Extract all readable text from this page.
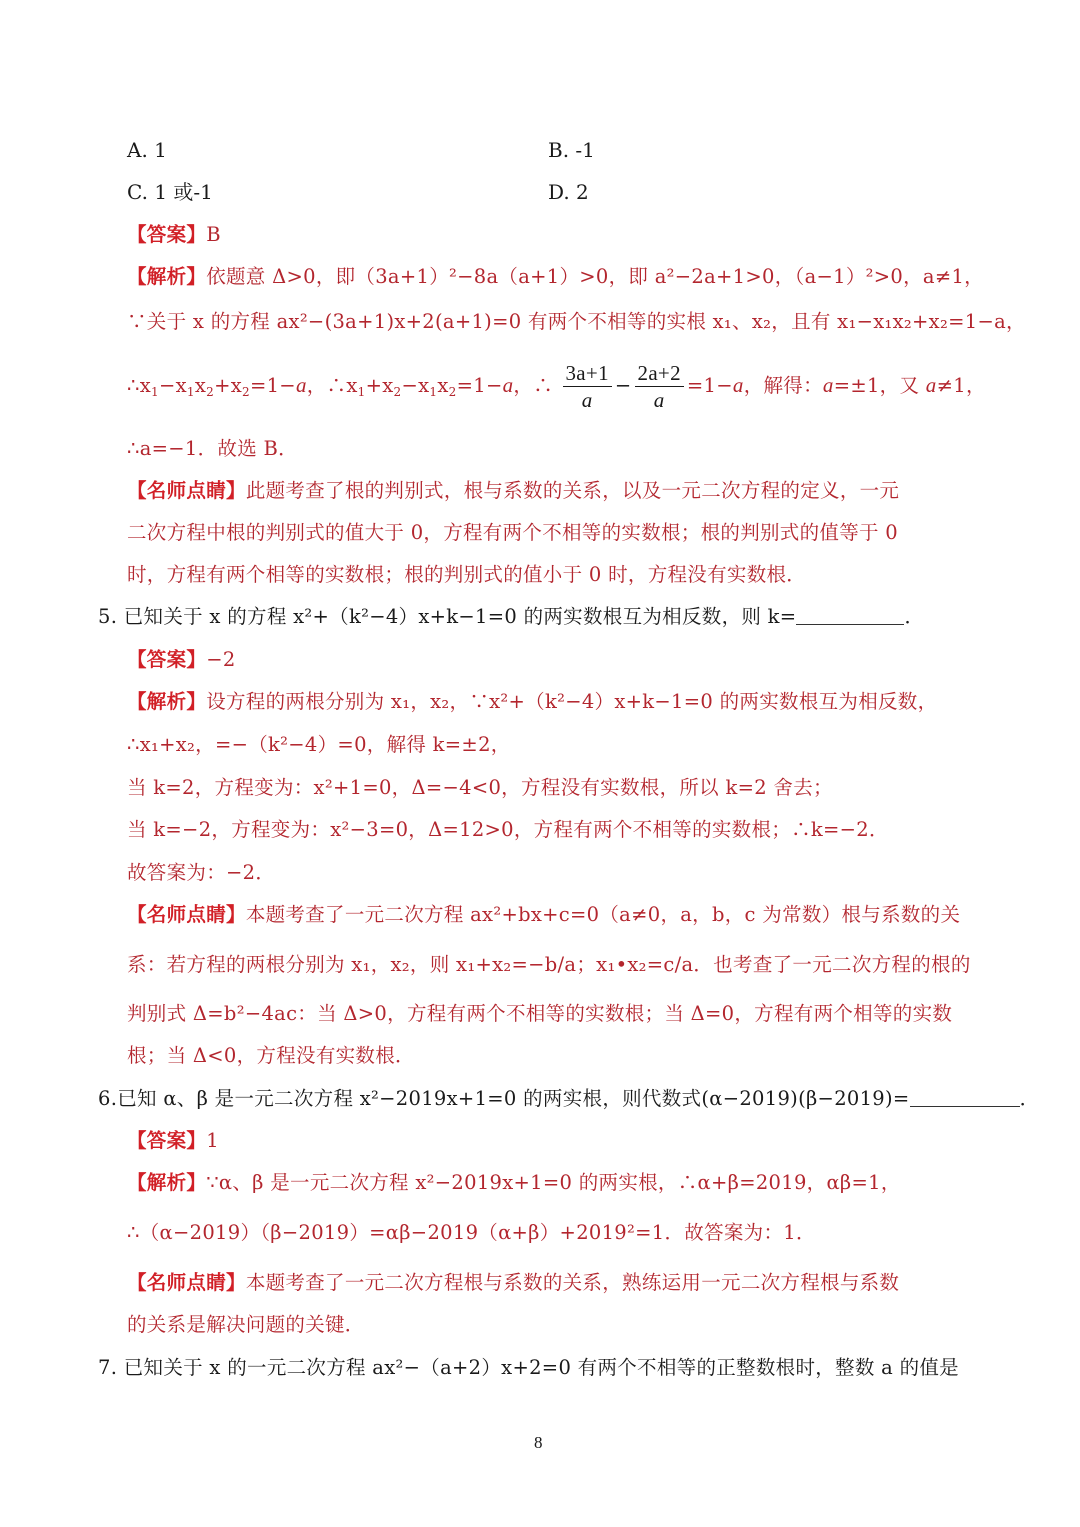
A. 1	B. -1
C. 1 或-1	D. 2
【答案】B
【解析】依题意 Δ>0，即（3a+1）²−8a（a+1）>0，即 a²−2a+1>0，（a−1）²>0，a≠1，
∵关于 x 的方程 ax²−(3a+1)x+2(a+1)=0 有两个不相等的实根 x₁、x₂，且有 x₁−x₁x₂+x₂=1−a，
$\therefore x_1-x_1x_2+x_2=1-a$，$\therefore x_1+x_2-x_1x_2=1-a$，∴ $\frac{3a+1}{a} - \frac{2a+2}{a} =1-a$，解得：a=±1，又 a≠1，
∴a=−1．故选 B．
【名师点睛】此题考查了根的判别式，根与系数的关系，以及一元二次方程的定义，一元
二次方程中根的判别式的值大于 0，方程有两个不相等的实数根；根的判别式的值等于 0
时，方程有两个相等的实数根；根的判别式的值小于 0 时，方程没有实数根．
5. 已知关于 x 的方程 x²+（k²−4）x+k−1=0 的两实数根互为相反数，则 k=	．
【答案】−2
【解析】设方程的两根分别为 x₁，x₂，∵x²+（k²−4）x+k−1=0 的两实数根互为相反数，
∴x₁+x₂，=−（k²−4）=0，解得 k=±2，
当 k=2，方程变为：x²+1=0，Δ=−4<0，方程没有实数根，所以 k=2 舍去；
当 k=−2，方程变为：x²−3=0，Δ=12>0，方程有两个不相等的实数根；∴k=−2．
故答案为：−2．
【名师点睛】本题考查了一元二次方程 ax²+bx+c=0（a≠0，a，b，c 为常数）根与系数的关
系：若方程的两根分别为 x₁，x₂，则 x₁+x₂=−b/a；x₁•x₂=c/a．也考查了一元二次方程的根的
判别式 Δ=b²−4ac：当 Δ>0，方程有两个不相等的实数根；当 Δ=0，方程有两个相等的实数
根；当 Δ<0，方程没有实数根．
6.已知 α、β 是一元二次方程 x²−2019x+1=0 的两实根，则代数式(α−2019)(β−2019)=	．
【答案】1
【解析】∵α、β 是一元二次方程 x²−2019x+1=0 的两实根，∴α+β=2019，αβ=1，
∴（α−2019）（β−2019）=αβ−2019（α+β）+2019²=1．故答案为：1．
【名师点睛】本题考查了一元二次方程根与系数的关系，熟练运用一元二次方程根与系数
的关系是解决问题的关键．
7. 已知关于 x 的一元二次方程 ax²−（a+2）x+2=0 有两个不相等的正整数根时，整数 a 的值是
8
